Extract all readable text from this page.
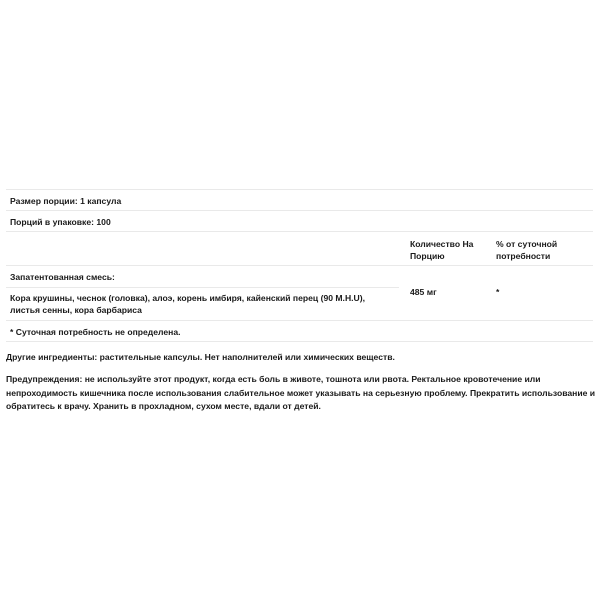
Размер порции: 1 капсула
Порций в упаковке: 100
Количество На Порцию
% от суточной потребности
Запатентованная смесь:
Кора крушины, чеснок (головка), алоэ, корень имбиря, кайенский перец (90 M.H.U), листья сенны, кора барбариса
* Суточная потребность не определена.
485 мг	*
Другие ингредиенты: растительные капсулы. Нет наполнителей или химических веществ.
Предупреждения: не используйте этот продукт, когда есть боль в животе, тошнота или рвота. Ректальное кровотечение или непроходимость кишечника после использования слабительное может указывать на серьезную проблему. Прекратить использование и обратитесь к врачу. Хранить в прохладном, сухом месте, вдали от детей.
